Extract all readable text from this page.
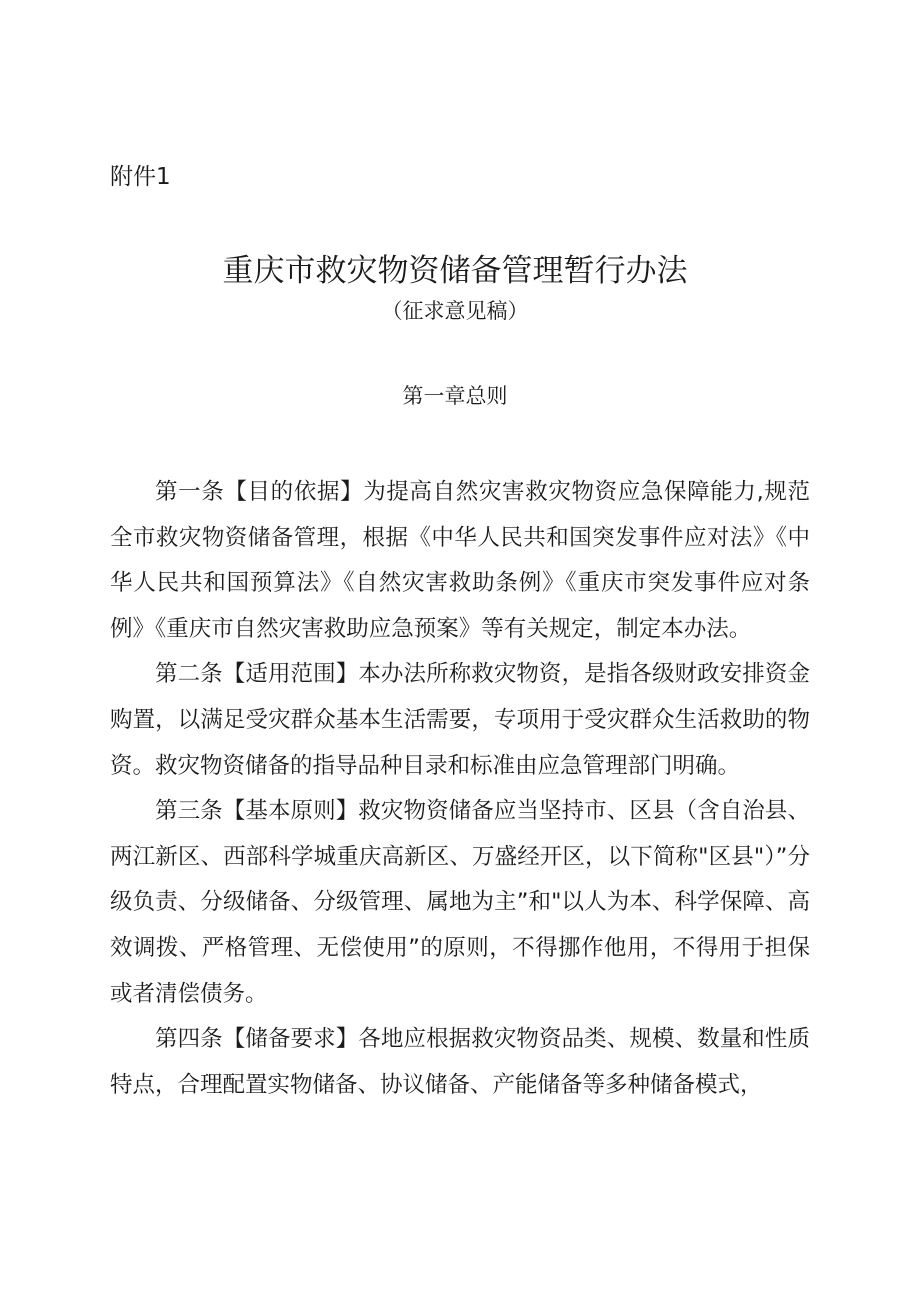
附件1
重庆市救灾物资储备管理暂行办法
（征求意见稿）
第一章总则

第一条【目的依据】为提高自然灾害救灾物资应急保障能力,规范全市救灾物资储备管理，根据《中华人民共和国突发事件应对法》《中华人民共和国预算法》《自然灾害救助条例》《重庆市突发事件应对条例》《重庆市自然灾害救助应急预案》等有关规定，制定本办法。

第二条【适用范围】本办法所称救灾物资，是指各级财政安排资金购置，以满足受灾群众基本生活需要，专项用于受灾群众生活救助的物资。救灾物资储备的指导品种目录和标准由应急管理部门明确。

第三条【基本原则】救灾物资储备应当坚持市、区县（含自治县、两江新区、西部科学城重庆高新区、万盛经开区，以下简称"区县"）”分级负责、分级储备、分级管理、属地为主”和"以人为本、科学保障、高效调拨、严格管理、无偿使用”的原则，不得挪作他用，不得用于担保或者清偿债务。

第四条【储备要求】各地应根据救灾物资品类、规模、数量和性质特点，合理配置实物储备、协议储备、产能储备等多种储备模式，
